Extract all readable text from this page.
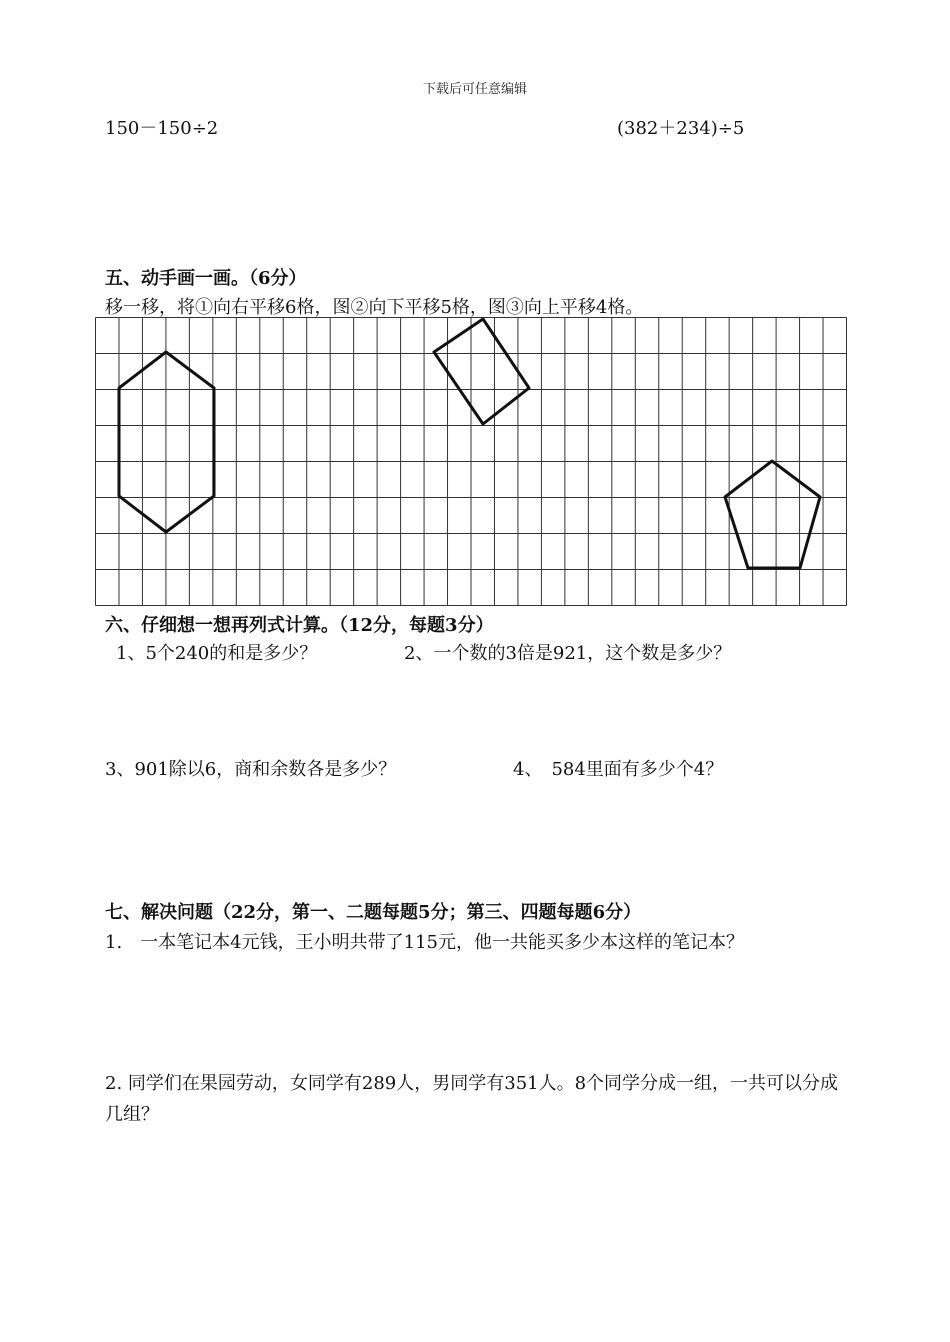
下载后可任意编辑
150－150÷2	(382＋234)÷5
五、动手画一画。（6分）
移一移，将①向右平移6格，图②向下平移5格，图③向上平移4格。
六、仔细想一想再列式计算。（12分，每题3分）
1、5个240的和是多少？	2、一个数的3倍是921，这个数是多少？
3、901除以6，商和余数各是多少？	4、　584里面有多少个4？
七、解决问题（22分，第一、二题每题5分；第三、四题每题6分）
1.　一本笔记本4元钱，王小明共带了115元，他一共能买多少本这样的笔记本？
2. 同学们在果园劳动，女同学有289人，男同学有351人。8个同学分成一组，一共可以分成几组？
